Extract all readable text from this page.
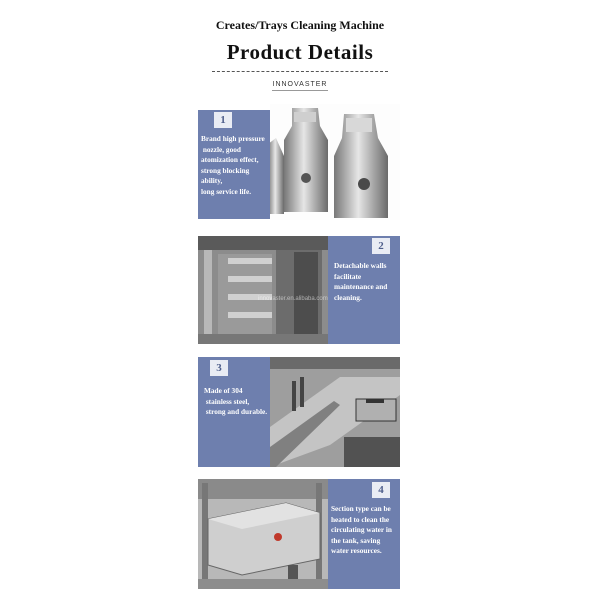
Creates/Trays Cleaning Machine
Product Details
INNOVASTER
1
Brand high pressure
nozzle, good
atomization effect,
strong blocking
ability,
long service life.
innovaster.en.alibaba.com
2
Detachable walls
facilitate
maintenance and
cleaning.
3
Made of 304
stainless steel,
strong and durable.
4
Section type can be
heated to clean the
circulating water in
the tank, saving
water resources.
